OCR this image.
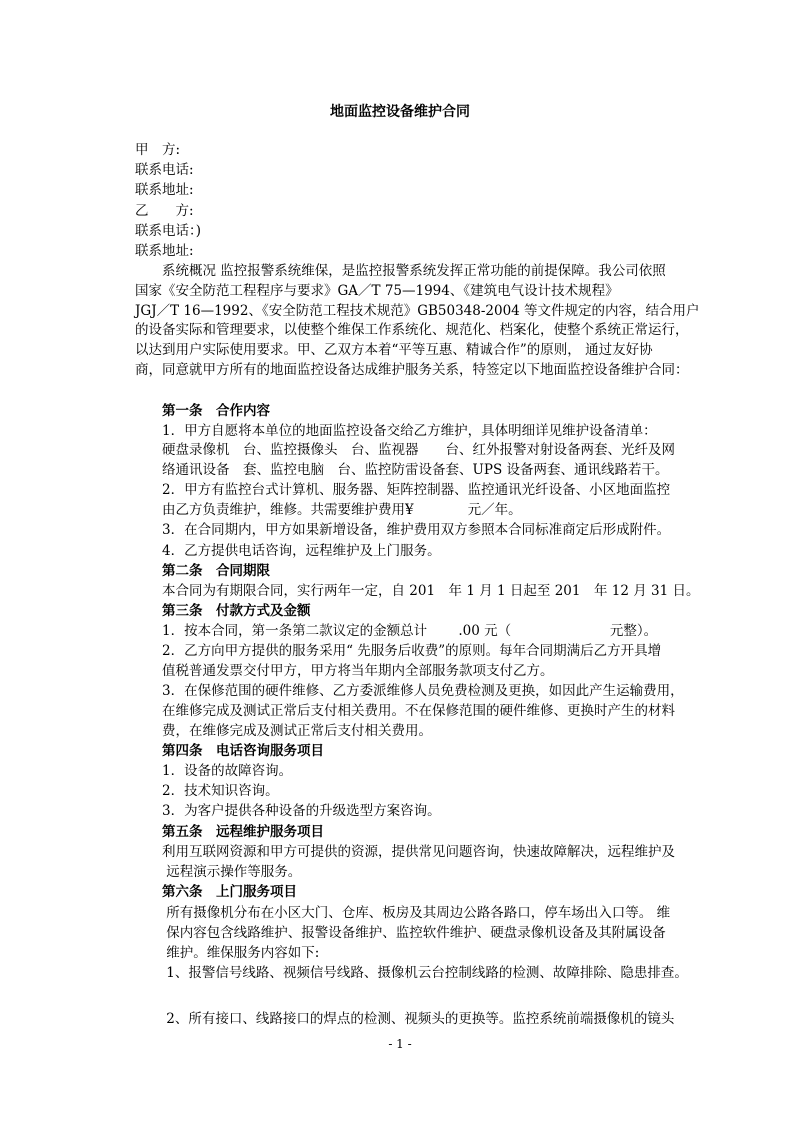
地面监控设备维护合同
甲　方:
联系电话:
联系地址:
乙　　方:
联系电话：)
联系地址:
系统概况 监控报警系统维保，是监控报警系统发挥正常功能的前提保障。我公司依照
国家《安全防范工程程序与要求》GA／T 75—1994、《建筑电气设计技术规程》
JGJ／T 16—1992、《安全防范工程技术规范》GB50348-2004 等文件规定的内容，结合用户
的设备实际和管理要求，以使整个维保工作系统化、规范化、档案化，使整个系统正常运行，
以达到用户实际使用要求。甲、乙双方本着“平等互惠、精诚合作”的原则， 通过友好协
商，同意就甲方所有的地面监控设备达成维护服务关系，特签定以下地面监控设备维护合同：
第一条　合作内容
1．甲方自愿将本单位的地面监控设备交给乙方维护，具体明细详见维护设备清单：
硬盘录像机　台、监控摄像头　台、监视器　　台、红外报警对射设备两套、光纤及网
络通讯设备　套、监控电脑　台、监控防雷设备套、UPS 设备两套、通讯线路若干。
2．甲方有监控台式计算机、服务器、矩阵控制器、监控通讯光纤设备、小区地面监控
由乙方负责维护，维修。共需要维护费用¥　　　　元／年。
3．在合同期内，甲方如果新增设备，维护费用双方参照本合同标准商定后形成附件。
4．乙方提供电话咨询，远程维护及上门服务。
第二条　合同期限
本合同为有期限合同，实行两年一定，自 201　年 1 月 1 日起至 201　年 12 月 31 日。
第三条　付款方式及金额
1．按本合同，第一条第二款议定的金额总计　　 .00 元（　　　　　　　 元整）。
2．乙方向甲方提供的服务采用“ 先服务后收费”的原则。每年合同期满后乙方开具增
值税普通发票交付甲方，甲方将当年期内全部服务款项支付乙方。
3．在保修范围的硬件维修、乙方委派维修人员免费检测及更换，如因此产生运输费用，
在维修完成及测试正常后支付相关费用。不在保修范围的硬件维修、更换时产生的材料
费，在维修完成及测试正常后支付相关费用。
第四条　电话咨询服务项目
1．设备的故障咨询。
2．技术知识咨询。
3．为客户提供各种设备的升级选型方案咨询。
第五条　远程维护服务项目
利用互联网资源和甲方可提供的资源，提供常见问题咨询，快速故障解决，远程维护及
远程演示操作等服务。
第六条　上门服务项目
所有摄像机分布在小区大门、仓库、板房及其周边公路各路口，停车场出入口等。 维
保内容包含线路维护、报警设备维护、监控软件维护、硬盘录像机设备及其附属设备
维护。维保服务内容如下:
1、报警信号线路、视频信号线路、摄像机云台控制线路的检测、故障排除、隐患排查。
2、所有接口、线路接口的焊点的检测、视频头的更换等。监控系统前端摄像机的镜头
- 1 -
